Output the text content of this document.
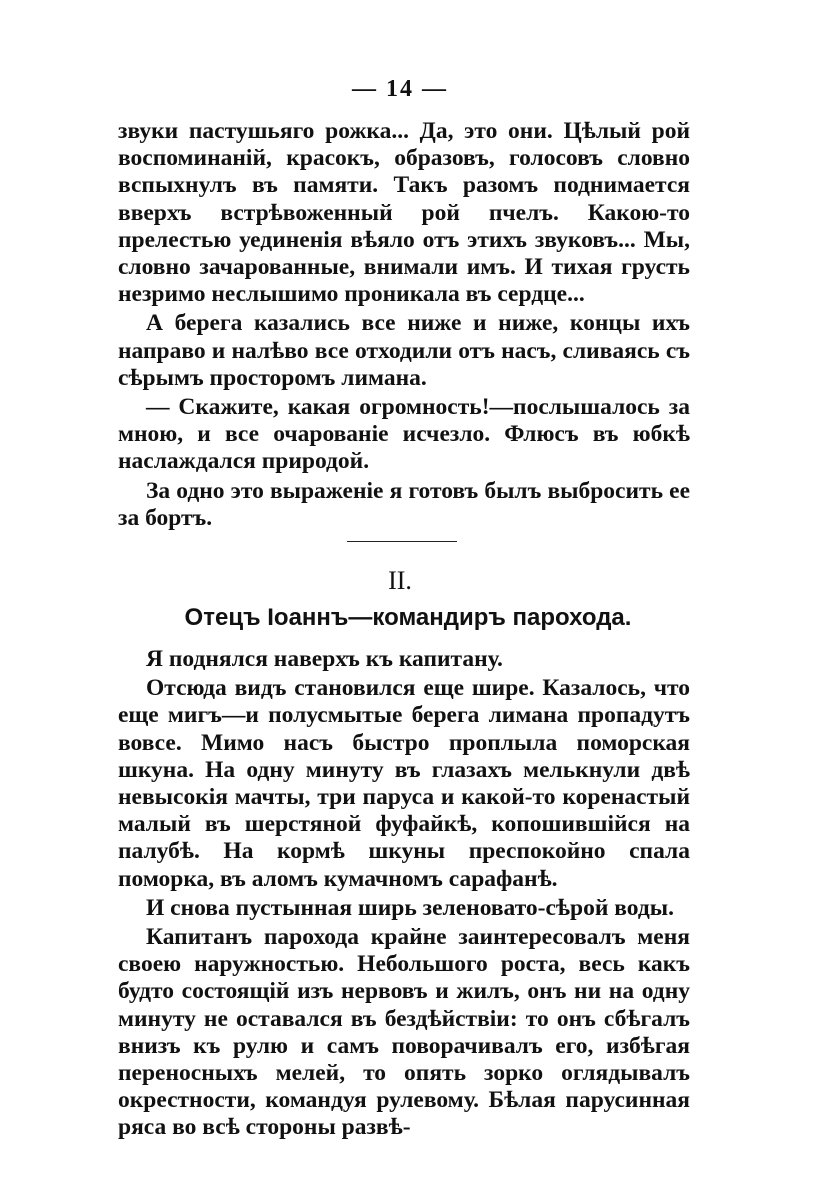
— 14 —

звуки пастушьяго рожка... Да, это они. Цѣлый рой воспоминаній, красокъ, образовъ, голосовъ словно вспыхнулъ въ памяти. Такъ разомъ поднимается вверхъ встрѣвоженный рой пчелъ. Какою-то прелестью уединенія вѣяло отъ этихъ звуковъ... Мы, словно зачарованные, внимали имъ. И тихая грусть незримо неслышимо проникала въ сердце...

А берега казались все ниже и ниже, концы ихъ направо и налѣво все отходили отъ насъ, сливаясь съ сѣрымъ просторомъ лимана.

— Скажите, какая огромность!—послышалось за мною, и все очарованіе исчезло. Флюсъ въ юбкѣ наслаждался природой.

За одно это выраженіе я готовъ былъ выбросить ее за бортъ.

II.
Отецъ Іоаннъ—командиръ парохода.

Я поднялся наверхъ къ капитану.

Отсюда видъ становился еще шире. Казалось, что еще мигъ—и полусмытые берега лимана пропадутъ вовсе. Мимо насъ быстро проплыла поморская шкуна. На одну минуту въ глазахъ мелькнули двѣ невысокія мачты, три паруса и какой-то коренастый малый въ шерстяной фуфайкѣ, копошившійся на палубѣ. На кормѣ шкуны преспокойно спала поморка, въ аломъ кумачномъ сарафанѣ.

И снова пустынная ширь зеленовато-сѣрой воды.

Капитанъ парохода крайне заинтересовалъ меня своею наружностью. Небольшого роста, весь какъ будто состоящій изъ нервовъ и жилъ, онъ ни на одну минуту не оставался въ бездѣйствіи: то онъ сбѣгалъ внизъ къ рулю и самъ поворачивалъ его, избѣгая переносныхъ мелей, то опять зорко оглядывалъ окрестности, командуя рулевому. Бѣлая парусинная ряса во всѣ стороны развѣ-
